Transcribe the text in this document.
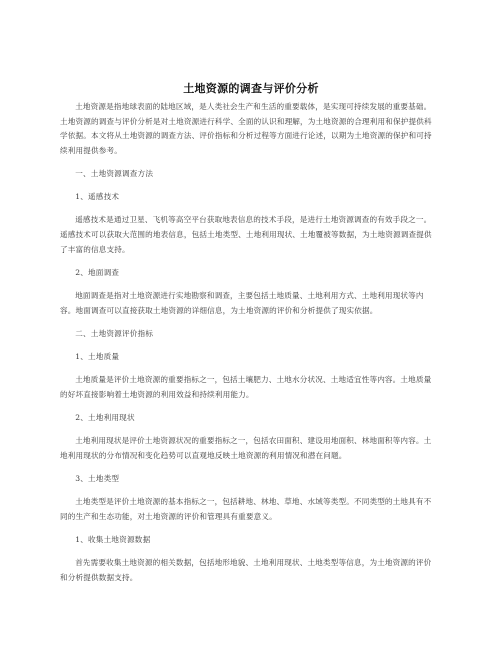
土地资源的调查与评价分析

土地资源是指地球表面的陆地区域，是人类社会生产和生活的重要载体，是实现可持续发展的重要基础。土地资源的调查与评价分析是对土地资源进行科学、全面的认识和理解，为土地资源的合理利用和保护提供科学依据。本文将从土地资源的调查方法、评价指标和分析过程等方面进行论述，以期为土地资源的保护和可持续利用提供参考。

一、土地资源调查方法

1、遥感技术

遥感技术是通过卫星、飞机等高空平台获取地表信息的技术手段，是进行土地资源调查的有效手段之一。遥感技术可以获取大范围的地表信息，包括土地类型、土地利用现状、土地覆被等数据，为土地资源调查提供了丰富的信息支持。

2、地面调查

地面调查是指对土地资源进行实地勘察和调查，主要包括土地质量、土地利用方式、土地利用现状等内容。地面调查可以直接获取土地资源的详细信息，为土地资源的评价和分析提供了现实依据。

二、土地资源评价指标

1、土地质量

土地质量是评价土地资源的重要指标之一，包括土壤肥力、土地水分状况、土地适宜性等内容。土地质量的好坏直接影响着土地资源的利用效益和持续利用能力。

2、土地利用现状

土地利用现状是评价土地资源状况的重要指标之一，包括农田面积、建设用地面积、林地面积等内容。土地利用现状的分布情况和变化趋势可以直观地反映土地资源的利用情况和潜在问题。

3、土地类型

土地类型是评价土地资源的基本指标之一，包括耕地、林地、草地、水域等类型。不同类型的土地具有不同的生产和生态功能，对土地资源的评价和管理具有重要意义。

1、收集土地资源数据

首先需要收集土地资源的相关数据，包括地形地貌、土地利用现状、土地类型等信息，为土地资源的评价和分析提供数据支持。
